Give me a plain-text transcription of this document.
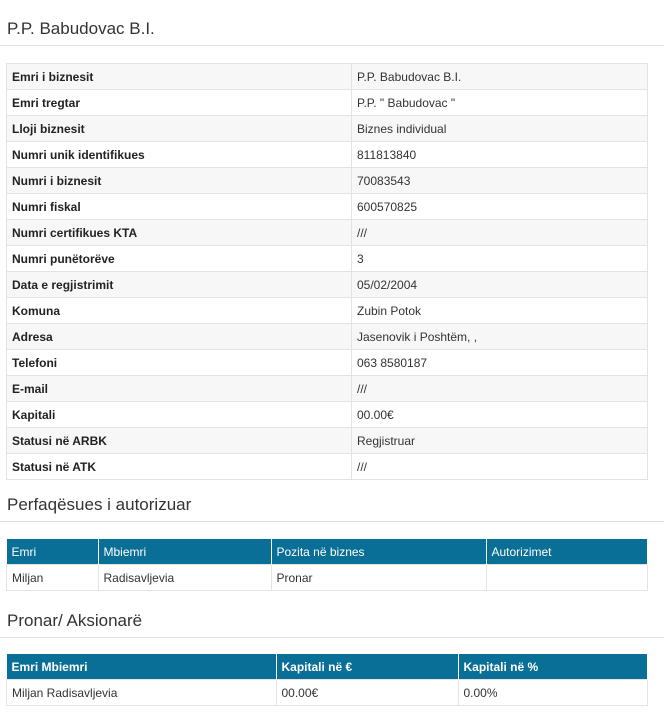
P.P. Babudovac B.I.
Emri i biznesit	P.P. Babudovac B.I.
Emri tregtar	P.P. " Babudovac "
Lloji biznesit	Biznes individual
Numri unik identifikues	811813840
Numri i biznesit	70083543
Numri fiskal	600570825
Numri certifikues KTA	///
Numri punëtorëve	3
Data e regjistrimit	05/02/2004
Komuna	Zubin Potok
Adresa	Jasenovik i Poshtëm, ,
Telefoni	063 8580187
E-mail	///
Kapitali	00.00€
Statusi në ARBK	Regjistruar
Statusi në ATK	///
Perfaqësues i autorizuar
Emri	Mbiemri	Pozita në biznes	Autorizimet
Miljan	Radisavljevia	Pronar	
Pronar/ Aksionarë
Emri Mbiemri	Kapitali në €	Kapitali në %
Miljan Radisavljevia	00.00€	0.00%
